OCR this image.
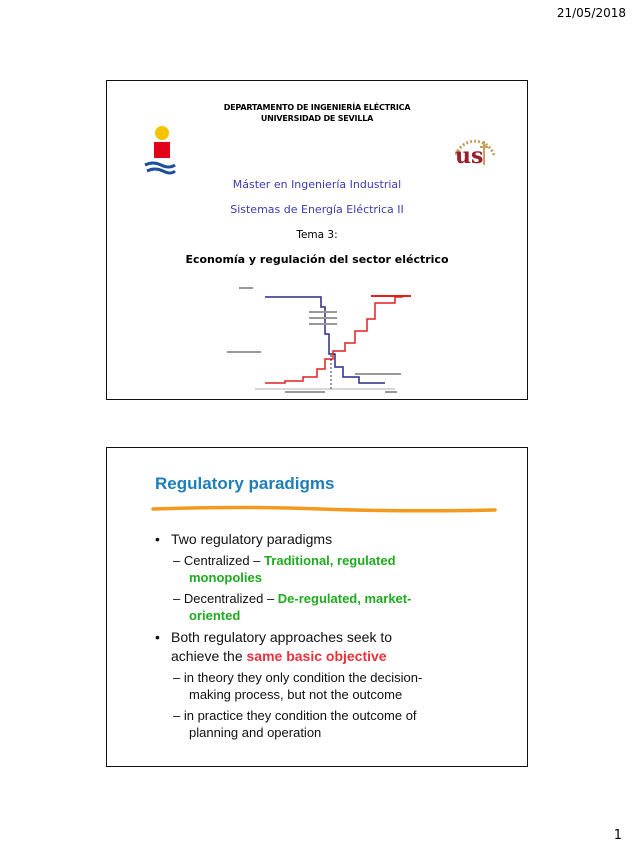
21/05/2018
DEPARTAMENTO DE INGENIERÍA ELÉCTRICA
UNIVERSIDAD DE SEVILLA
us
Máster en Ingeniería Industrial
Sistemas de Energía Eléctrica II
Tema 3:
Economía y regulación del sector eléctrico
Regulatory paradigms
• Two regulatory paradigms
– Centralized – Traditional, regulated
monopolies
– Decentralized – De-regulated, market-
oriented
• Both regulatory approaches seek to
achieve the same basic objective
– in theory they only condition the decision-
making process, but not the outcome
– in practice they condition the outcome of
planning and operation
1
